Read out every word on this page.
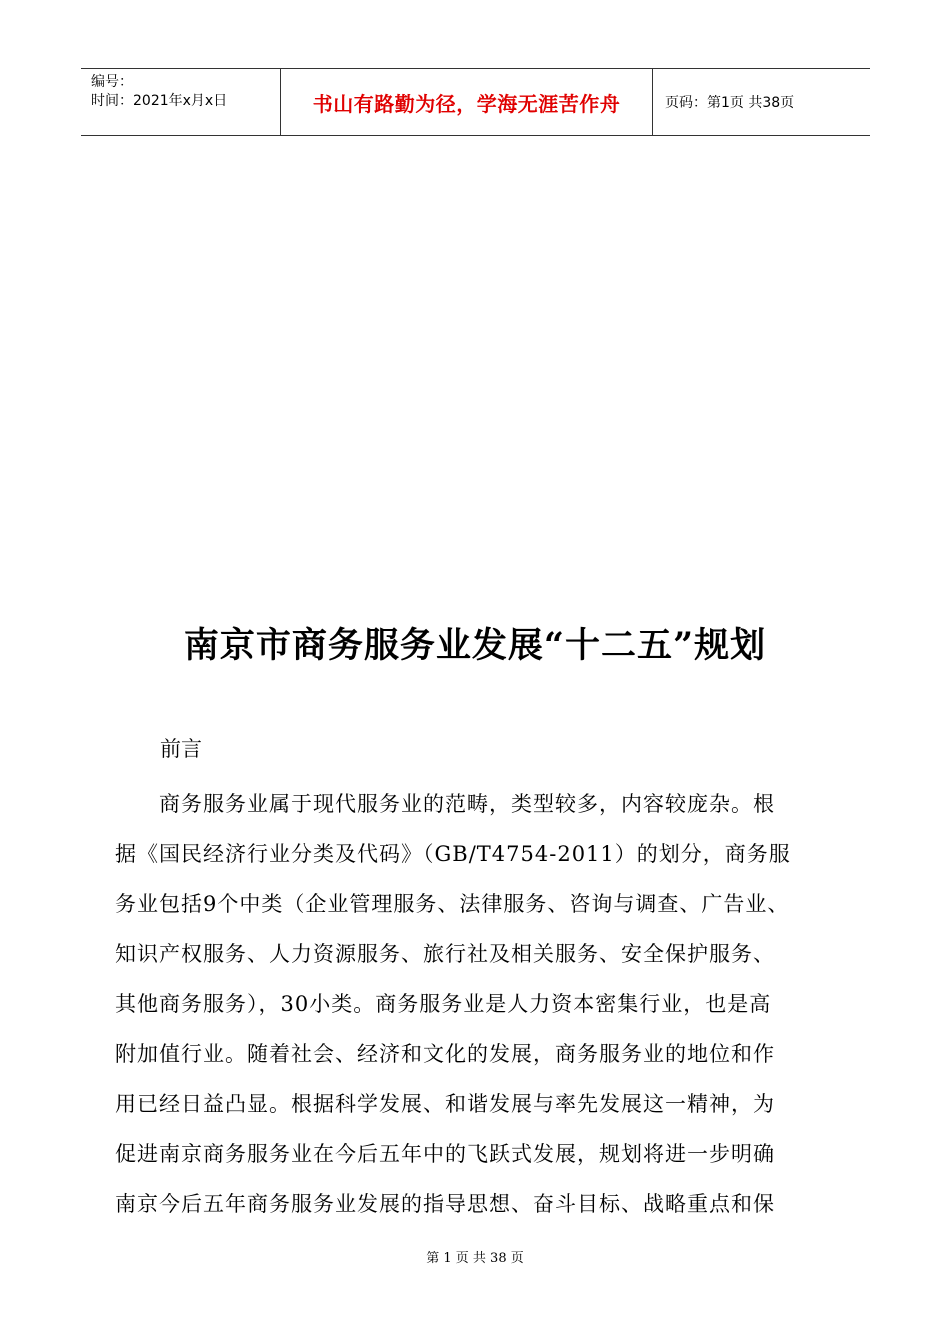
编号：
时间：2021年x月x日	书山有路勤为径，学海无涯苦作舟	页码：第1页 共38页
南京市商务服务业发展“十二五”规划
前言
　　商务服务业属于现代服务业的范畴，类型较多，内容较庞杂。根
据《国民经济行业分类及代码》（GB/T4754-2011）的划分，商务服
务业包括9个中类（企业管理服务、法律服务、咨询与调查、广告业、
知识产权服务、人力资源服务、旅行社及相关服务、安全保护服务、
其他商务服务），30小类。商务服务业是人力资本密集行业，也是高
附加值行业。随着社会、经济和文化的发展，商务服务业的地位和作
用已经日益凸显。根据科学发展、和谐发展与率先发展这一精神，为
促进南京商务服务业在今后五年中的飞跃式发展，规划将进一步明确
南京今后五年商务服务业发展的指导思想、奋斗目标、战略重点和保
第 1 页 共 38 页
